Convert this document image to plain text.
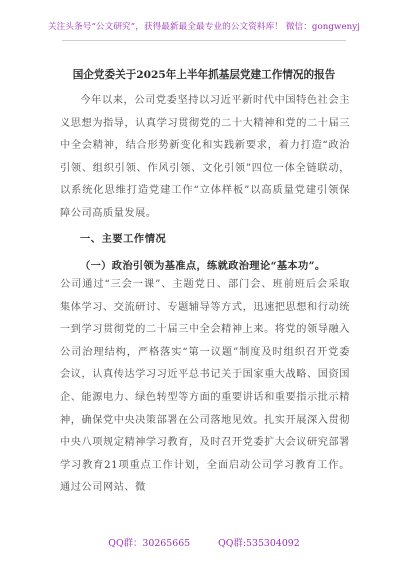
关注头条号“公文研究”，获得最新最全最专业的公文资料库！ 微信：gongwenyj
国企党委关于2025年上半年抓基层党建工作情况的报告

今年以来，公司党委坚持以习近平新时代中国特色社会主义思想为指导，认真学习贯彻党的二十大精神和党的二十届三中全会精神，结合形势新变化和实践新要求，着力打造“政治引领、组织引领、作风引领、文化引领”四位一体全链联动，以系统化思维打造党建工作“立体样板”以高质量党建引领保障公司高质量发展。

一、主要工作情况
（一）政治引领为基准点，练就政治理论“基本功”。

公司通过“三会一课”、主题党日、部门会、班前班后会采取集体学习、交流研讨、专题辅导等方式，迅速把思想和行动统一到学习贯彻党的二十届三中全会精神上来。将党的领导融入公司治理结构，严格落实“第一议题”制度及时组织召开党委会议，认真传达学习习近平总书记关于国家重大战略、国资国企、能源电力、绿色转型等方面的重要讲话和重要指示批示精神，确保党中央决策部署在公司落地见效。扎实开展深入贯彻中央八项规定精神学习教育，及时召开党委扩大会议研究部署学习教育21项重点工作计划，全面启动公司学习教育工作。通过公司网站、微

QQ群：30265665	QQ群:535304092
